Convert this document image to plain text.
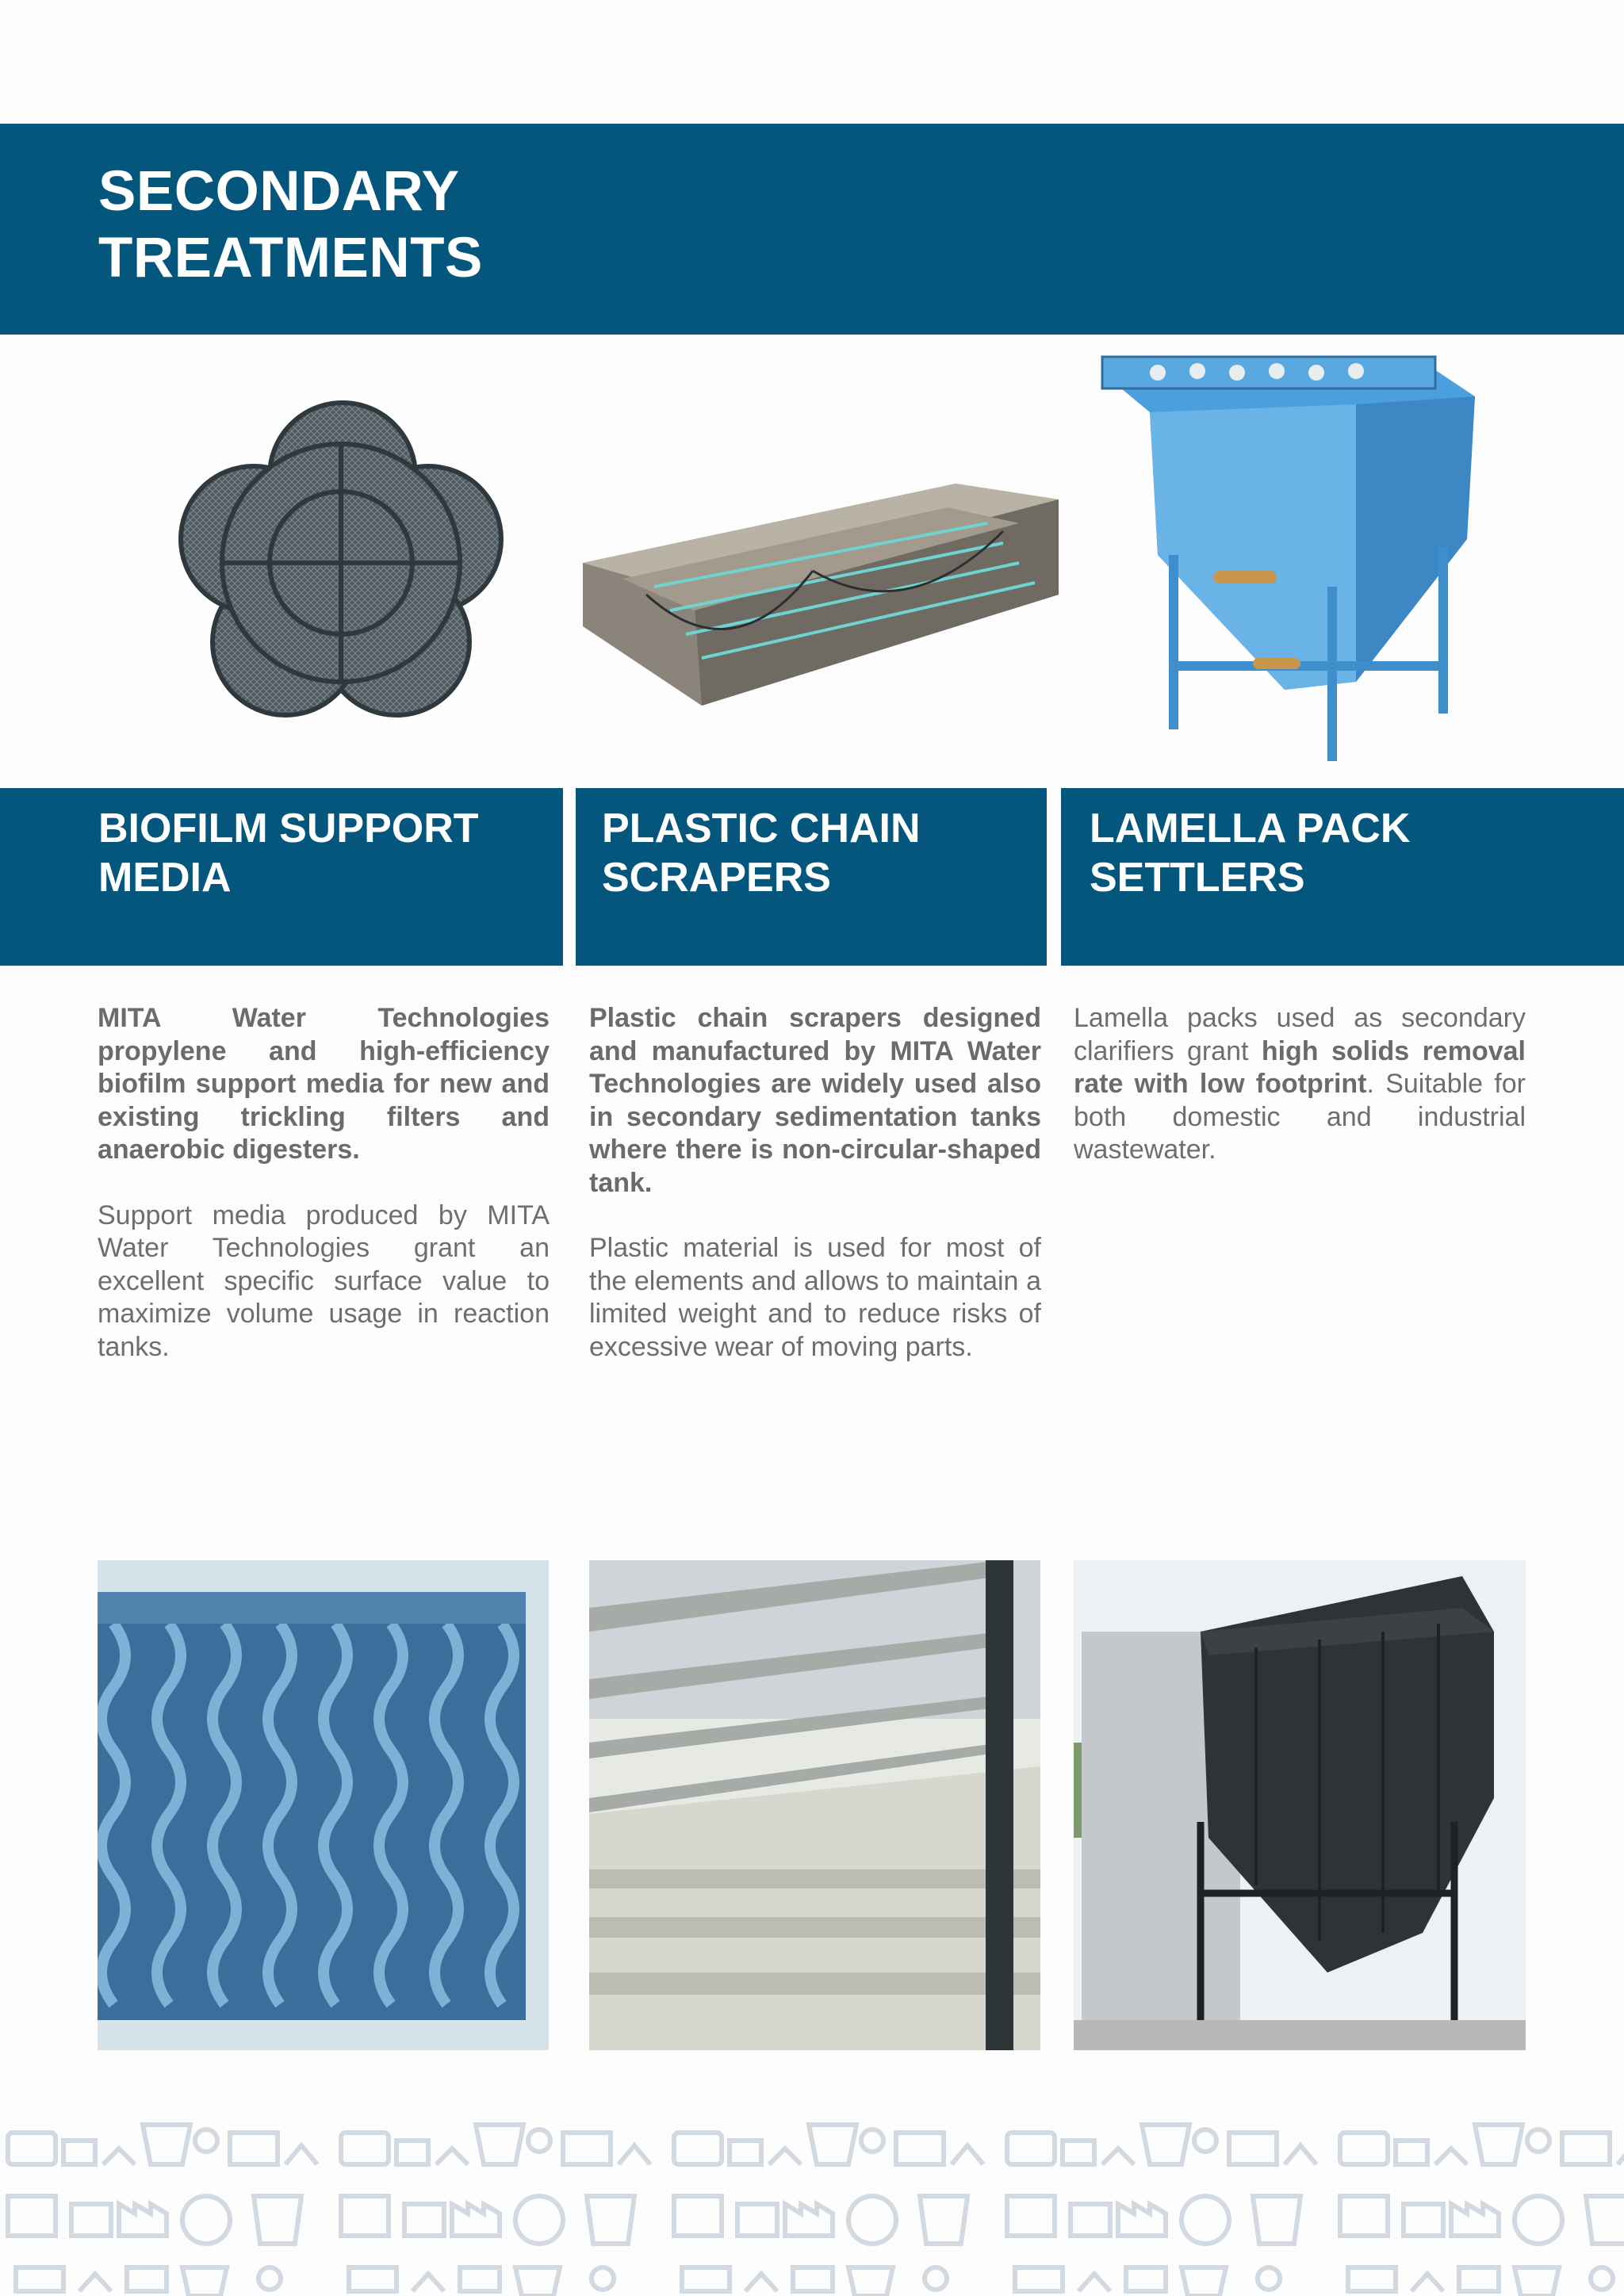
SECONDARY
TREATMENTS
BIOFILM SUPPORT
MEDIA
PLASTIC CHAIN
SCRAPERS
LAMELLA PACK
SETTLERS

MITA Water Technologies propylene and high-efficiency biofilm support media for new and existing trickling filters and anaerobic digesters.

Support media produced by MITA Water Technologies grant an excellent specific surface value to maximize volume usage in reaction tanks.

Plastic chain scrapers designed and manufactured by MITA Water Technologies are widely used also in secondary sedimentation tanks where there is non-circular-shaped tank.

Plastic material is used for most of the elements and allows to maintain a limited weight and to reduce risks of excessive wear of moving parts.

Lamella packs used as secondary clarifiers grant high solids removal rate with low footprint. Suitable for both domestic and industrial wastewater.
